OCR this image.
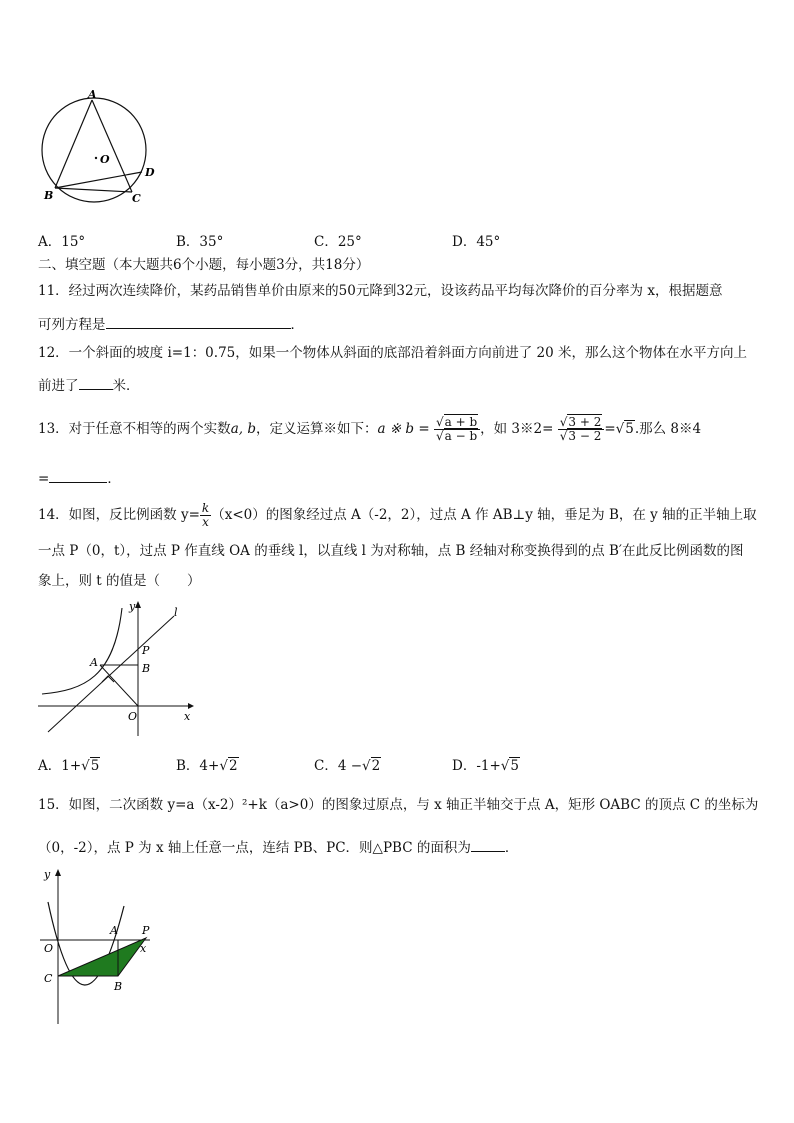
A
O
B	C
D
A．15°	B．35°	C．25°	D．45°
二、填空题（本大题共6个小题，每小题3分，共18分）
11．经过两次连续降价，某药品销售单价由原来的50元降到32元，设该药品平均每次降价的百分率为 x，根据题意
可列方程是	．
12．一个斜面的坡度 i=1：0.75，如果一个物体从斜面的底部沿着斜面方向前进了 20 米，那么这个物体在水平方向上
前进了	米．
13．对于任意不相等的两个实数a, b，定义运算※如下：a ※ $b = \frac{√a + b}{√a - b}$ ，如 3※2= $\frac{√3 + 2}{√3 - 2} =√5$.那么 8※4
=	．
14．如图，反比例函数 $y= \frac{k}{x} (x<0)$的图象经过点 A（-2，2），过点 A 作 AB⊥y 轴，垂足为 B，在 y 轴的正半轴上取
一点 P（0，t），过点 P 作直线 OA 的垂线 l，以直线 l 为对称轴，点 B 经轴对称变换得到的点 B′在此反比例函数的图
象上，则 t 的值是（　　）
y	l
P
A	B
O	x
A．1+√5	B．4+√2	C．4 −√2	D．-1+√5
15．如图，二次函数 y=a（x-2）²+k（a>0）的图象过原点，与 x 轴正半轴交于点 A，矩形 OABC 的顶点 C 的坐标为
（0，-2），点 P 为 x 轴上任意一点，连结 PB、PC．则△PBC 的面积为	．
y
O
A P
x
C
B
